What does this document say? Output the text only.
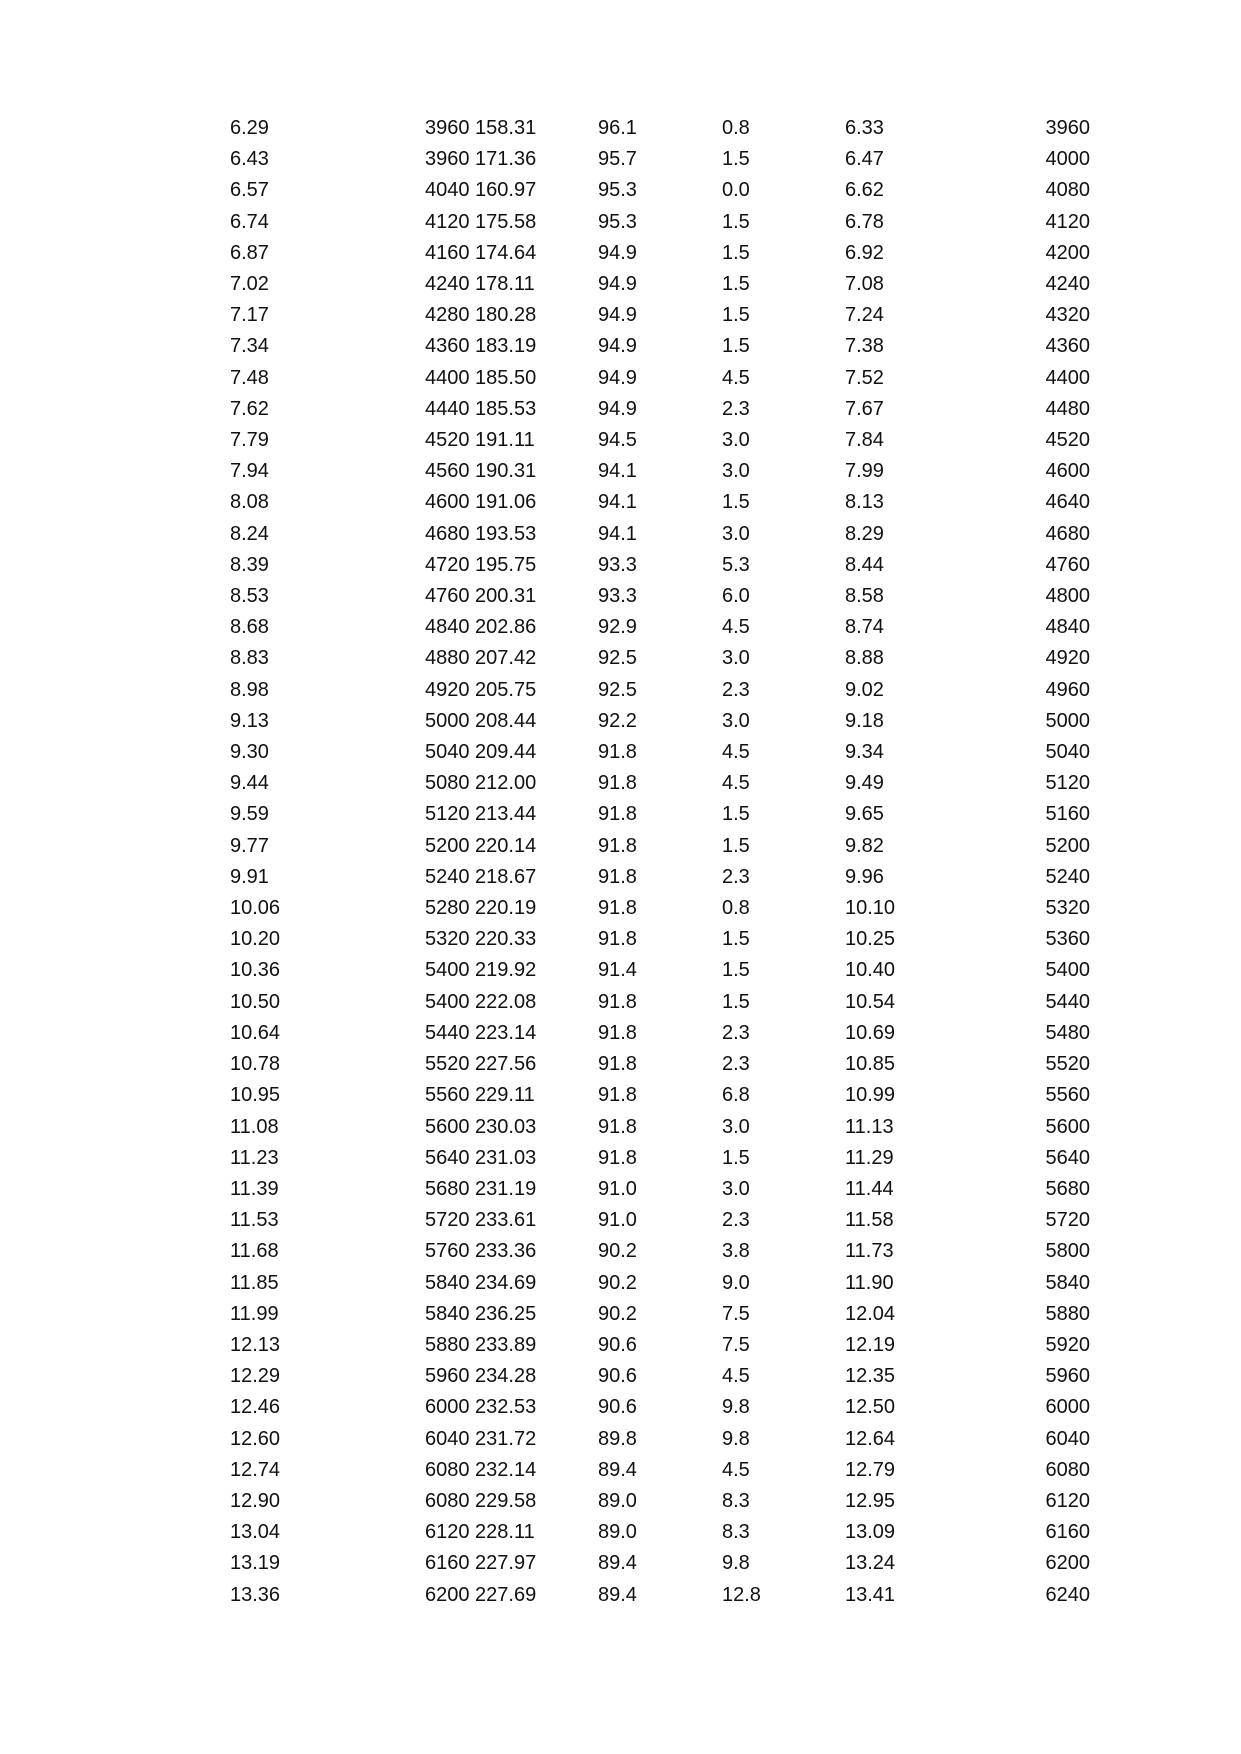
6.29	3960 158.31	96.1	0.8	6.33	3960
6.43	3960 171.36	95.7	1.5	6.47	4000
6.57	4040 160.97	95.3	0.0	6.62	4080
6.74	4120 175.58	95.3	1.5	6.78	4120
6.87	4160 174.64	94.9	1.5	6.92	4200
7.02	4240 178.11	94.9	1.5	7.08	4240
7.17	4280 180.28	94.9	1.5	7.24	4320
7.34	4360 183.19	94.9	1.5	7.38	4360
7.48	4400 185.50	94.9	4.5	7.52	4400
7.62	4440 185.53	94.9	2.3	7.67	4480
7.79	4520 191.11	94.5	3.0	7.84	4520
7.94	4560 190.31	94.1	3.0	7.99	4600
8.08	4600 191.06	94.1	1.5	8.13	4640
8.24	4680 193.53	94.1	3.0	8.29	4680
8.39	4720 195.75	93.3	5.3	8.44	4760
8.53	4760 200.31	93.3	6.0	8.58	4800
8.68	4840 202.86	92.9	4.5	8.74	4840
8.83	4880 207.42	92.5	3.0	8.88	4920
8.98	4920 205.75	92.5	2.3	9.02	4960
9.13	5000 208.44	92.2	3.0	9.18	5000
9.30	5040 209.44	91.8	4.5	9.34	5040
9.44	5080 212.00	91.8	4.5	9.49	5120
9.59	5120 213.44	91.8	1.5	9.65	5160
9.77	5200 220.14	91.8	1.5	9.82	5200
9.91	5240 218.67	91.8	2.3	9.96	5240
10.06	5280 220.19	91.8	0.8	10.10	5320
10.20	5320 220.33	91.8	1.5	10.25	5360
10.36	5400 219.92	91.4	1.5	10.40	5400
10.50	5400 222.08	91.8	1.5	10.54	5440
10.64	5440 223.14	91.8	2.3	10.69	5480
10.78	5520 227.56	91.8	2.3	10.85	5520
10.95	5560 229.11	91.8	6.8	10.99	5560
11.08	5600 230.03	91.8	3.0	11.13	5600
11.23	5640 231.03	91.8	1.5	11.29	5640
11.39	5680 231.19	91.0	3.0	11.44	5680
11.53	5720 233.61	91.0	2.3	11.58	5720
11.68	5760 233.36	90.2	3.8	11.73	5800
11.85	5840 234.69	90.2	9.0	11.90	5840
11.99	5840 236.25	90.2	7.5	12.04	5880
12.13	5880 233.89	90.6	7.5	12.19	5920
12.29	5960 234.28	90.6	4.5	12.35	5960
12.46	6000 232.53	90.6	9.8	12.50	6000
12.60	6040 231.72	89.8	9.8	12.64	6040
12.74	6080 232.14	89.4	4.5	12.79	6080
12.90	6080 229.58	89.0	8.3	12.95	6120
13.04	6120 228.11	89.0	8.3	13.09	6160
13.19	6160 227.97	89.4	9.8	13.24	6200
13.36	6200 227.69	89.4	12.8	13.41	6240
